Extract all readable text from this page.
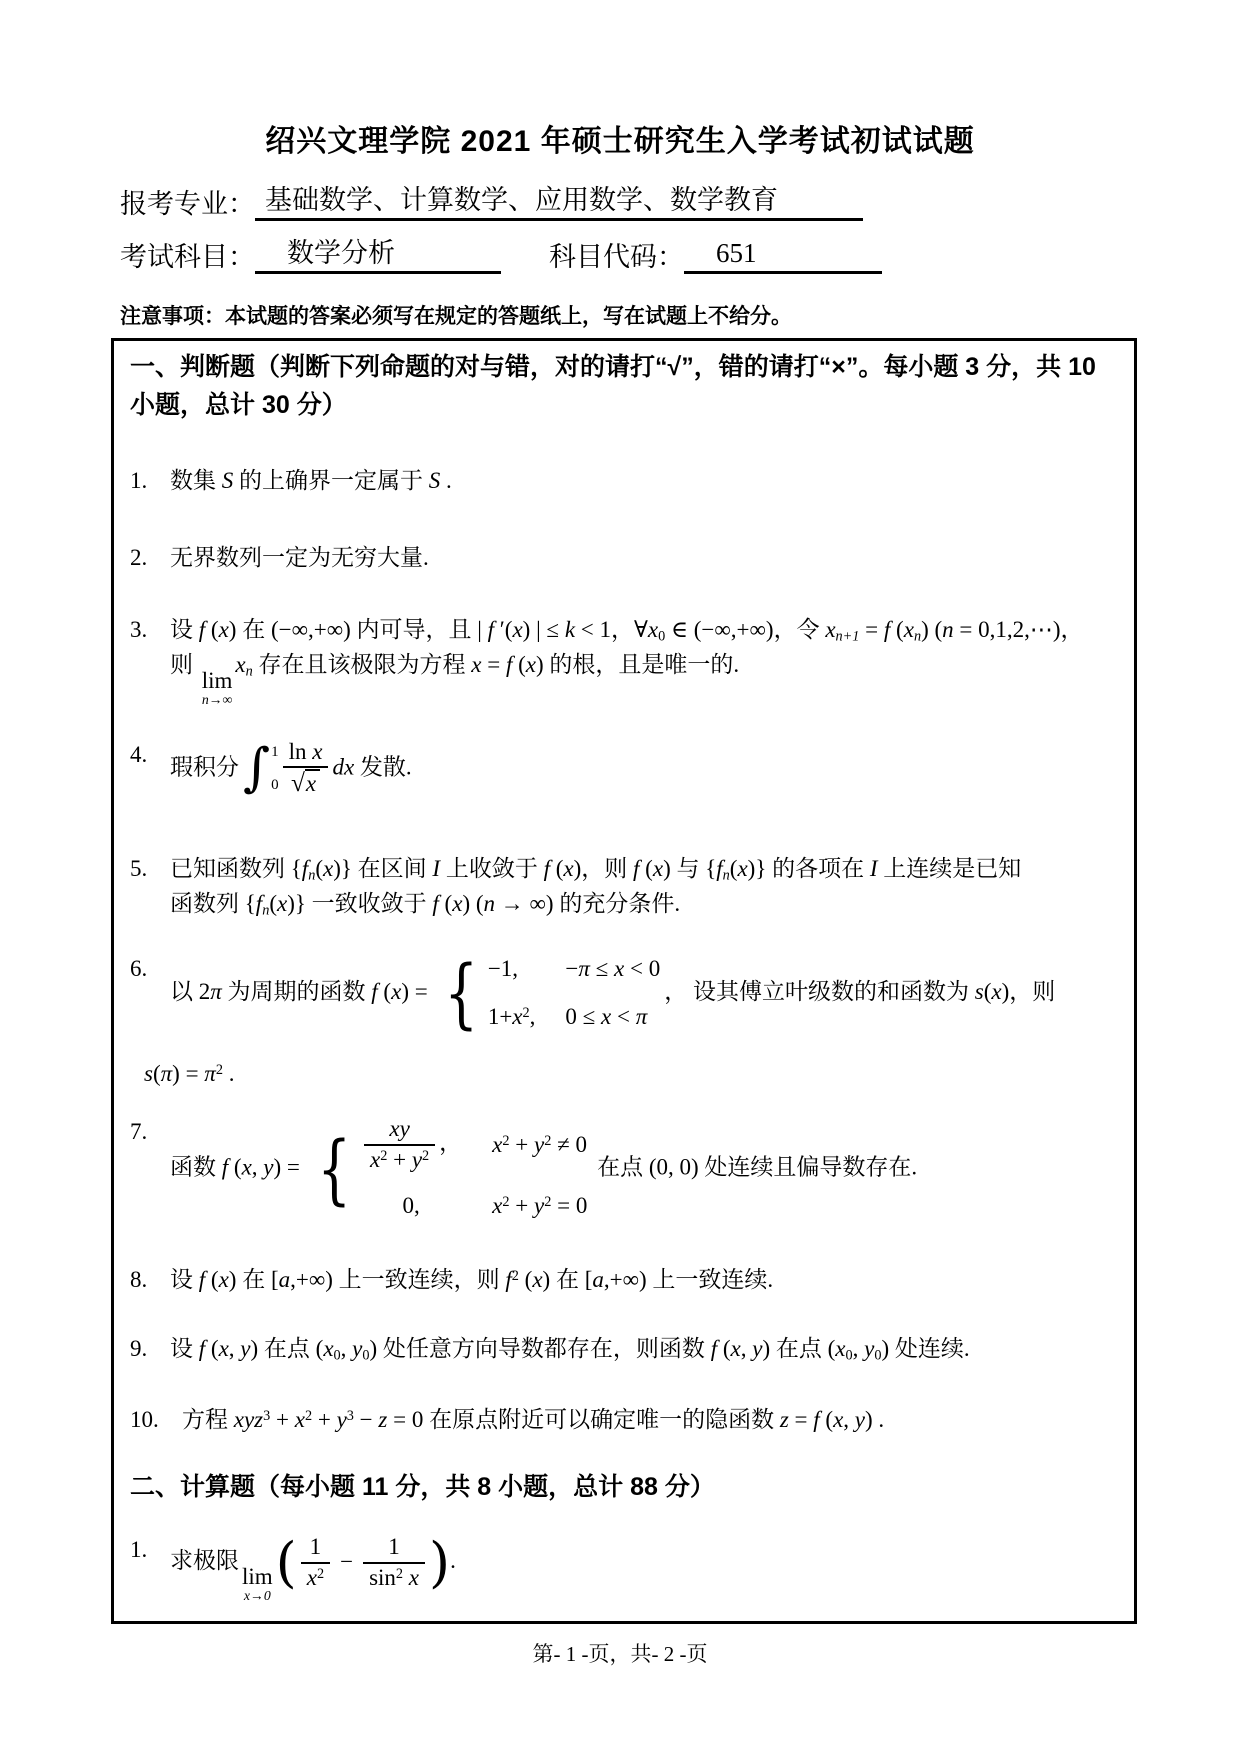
绍兴文理学院 2021 年硕士研究生入学考试初试试题
报考专业： 基础数学、计算数学、应用数学、数学教育
考试科目：	数学分析	科目代码：	651
注意事项：本试题的答案必须写在规定的答题纸上，写在试题上不给分。
一、判断题（判断下列命题的对与错，对的请打“√”，错的请打“×”。每小题 3 分，共 10
小题，总计 30 分）
1. 数集 S 的上确界一定属于 S .
2. 无界数列一定为无穷大量.
3. 设 f (x) 在 (−∞,+∞) 内可导，且 | f ′(x) | ≤ k < 1，∀x0 ∈ (−∞,+∞)，令 xn+1 = f (xn) (n = 0,1,2,⋯)，
则
lim
n→∞
xn 存在且该极限为方程 x = f (x) 的根，且是唯一的.
4. 瑕积分 ∫ 1
$0 \frac{\text{ln x}}{√x}$ dx 发散.
5. 已知函数列 {fn(x)} 在区间 I 上收敛于 f (x)，则 f (x) 与 {fn(x)} 的各项在 I 上连续是已知
函数列 {fn(x)} 一致收敛于 f (x) (n → ∞) 的充分条件.
6.
以 2π 为周期的函数 f (x) = { −1,	−π ≤ x < 0
$1+x^2$, 0 ≤ x < π
， 设其傅立叶级数的和函数为 s(x)，则
$s(\pi) = \pi^2$ .
7.
函数 f (x, y) = { $\frac{xy}{x^2 + y^2}$ ， $x^2 + y^2 \ne 0$
0,	$x^2 + y^2 = 0$
在点 (0, 0) 处连续且偏导数存在.
8. 设 f (x) 在 [a,+∞) 上一致连续，则 $f^2$ (x) 在 [a,+∞) 上一致连续.
9. 设 f (x, y) 在点 (x0, y0) 处任意方向导数都存在，则函数 f (x, y) 在点 (x0, y0) 处连续.
10.	方程 $xyz^3 + x^2 + y^3 - z = 0$ 在原点附近可以确定唯一的隐函数 z = f (x, y) .
二、计算题（每小题 11 分，共 8 小题，总计 88 分）
1. 求极限
lim
x→0
( $\frac{1}{x^2} - \frac{1}{\sin^2 x}$ ).
第- 1 -页，共- 2 -页
